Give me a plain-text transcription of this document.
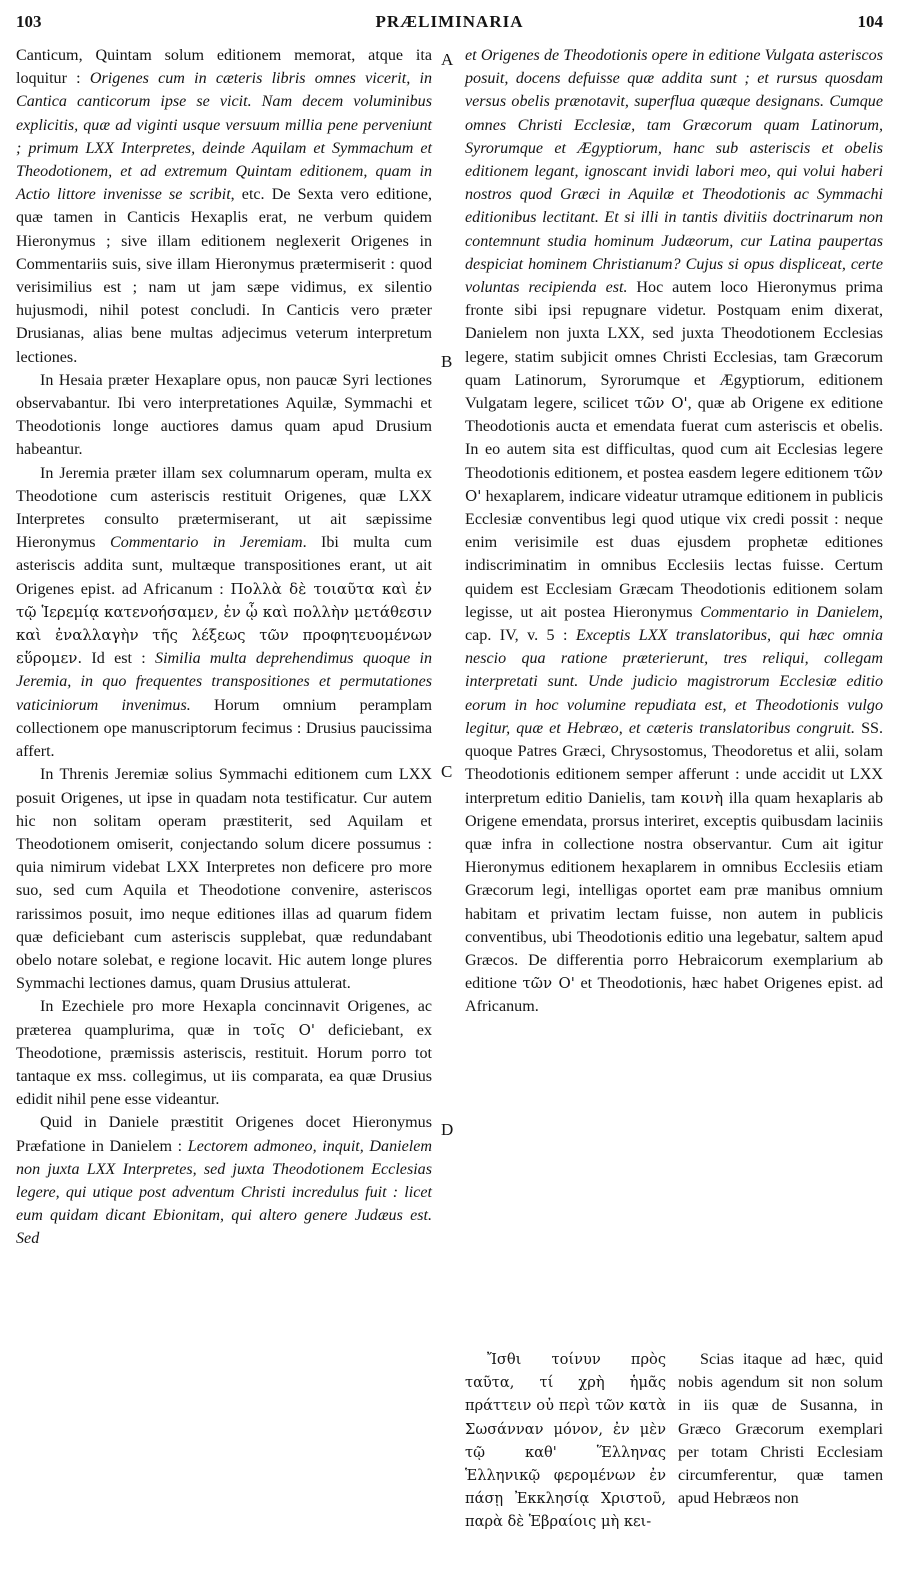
103	PRÆLIMINARIA	104
A
B
C
D

Canticum, Quintam solum editionem memorat, atque ita loquitur : Origenes cum in cæteris libris omnes vicerit, in Cantica canticorum ipse se vicit. Nam decem voluminibus explicitis, quæ ad viginti usque versuum millia pene perveniunt ; primum LXX Interpretes, deinde Aquilam et Symmachum et Theodotionem, et ad extremum Quintam editionem, quam in Actio littore invenisse se scribit, etc. De Sexta vero editione, quæ tamen in Canticis Hexaplis erat, ne verbum quidem Hieronymus ; sive illam editionem neglexerit Origenes in Commentariis suis, sive illam Hieronymus prætermiserit : quod verisimilius est ; nam ut jam sæpe vidimus, ex silentio hujusmodi, nihil potest concludi. In Canticis vero præter Drusianas, alias bene multas adjecimus veterum interpretum lectiones.

In Hesaia præter Hexaplare opus, non paucæ Syri lectiones observabantur. Ibi vero interpretationes Aquilæ, Symmachi et Theodotionis longe auctiores damus quam apud Drusium habeantur.

In Jeremia præter illam sex columnarum operam, multa ex Theodotione cum asteriscis restituit Origenes, quæ LXX Interpretes consulto prætermiserant, ut ait sæpissime Hieronymus Commentario in Jeremiam. Ibi multa cum asteriscis addita sunt, multæque transpositiones erant, ut ait Origenes epist. ad Africanum : Πολλὰ δὲ τοιαῦτα καὶ ἐν τῷ Ἱερεμίᾳ κατενοήσαμεν, ἐν ᾧ καὶ πολλὴν μετάθεσιν καὶ ἐναλλαγὴν τῆς λέξεως τῶν προφητευομένων εὕρομεν. Id est : Similia multa deprehendimus quoque in Jeremia, in quo frequentes transpositiones et permutationes vaticiniorum invenimus. Horum omnium peramplam collectionem ope manuscriptorum fecimus : Drusius paucissima affert.

In Threnis Jeremiæ solius Symmachi editionem cum LXX posuit Origenes, ut ipse in quadam nota testificatur. Cur autem hic non solitam operam præstiterit, sed Aquilam et Theodotionem omiserit, conjectando solum dicere possumus : quia nimirum videbat LXX Interpretes non deficere pro more suo, sed cum Aquila et Theodotione convenire, asteriscos rarissimos posuit, imo neque editiones illas ad quarum fidem quæ deficiebant cum asteriscis supplebat, quæ redundabant obelo notare solebat, e regione locavit. Hic autem longe plures Symmachi lectiones damus, quam Drusius attulerat.

In Ezechiele pro more Hexapla concinnavit Origenes, ac præterea quamplurima, quæ in τοῖς Ο' deficiebant, ex Theodotione, præmissis asteriscis, restituit. Horum porro tot tantaque ex mss. collegimus, ut iis comparata, ea quæ Drusius edidit nihil pene esse videantur.

Quid in Daniele præstitit Origenes docet Hieronymus Præfatione in Danielem : Lectorem admoneo, inquit, Danielem non juxta LXX Interpretes, sed juxta Theodotionem Ecclesias legere, qui utique post adventum Christi incredulus fuit : licet eum quidam dicant Ebionitam, qui altero genere Judæus est. Sed

et Origenes de Theodotionis opere in editione Vulgata asteriscos posuit, docens defuisse quæ addita sunt ; et rursus quosdam versus obelis prænotavit, superflua quæque designans. Cumque omnes Christi Ecclesiæ, tam Græcorum quam Latinorum, Syrorumque et Ægyptiorum, hanc sub asteriscis et obelis editionem legant, ignoscant invidi labori meo, qui volui haberi nostros quod Græci in Aquilæ et Theodotionis ac Symmachi editionibus lectitant. Et si illi in tantis divitiis doctrinarum non contemnunt studia hominum Judæorum, cur Latina paupertas despiciat hominem Christianum? Cujus si opus displiceat, certe voluntas recipienda est. Hoc autem loco Hieronymus prima fronte sibi ipsi repugnare videtur. Postquam enim dixerat, Danielem non juxta LXX, sed juxta Theodotionem Ecclesias legere, statim subjicit omnes Christi Ecclesias, tam Græcorum quam Latinorum, Syrorumque et Ægyptiorum, editionem Vulgatam legere, scilicet τῶν Ο', quæ ab Origene ex editione Theodotionis aucta et emendata fuerat cum asteriscis et obelis. In eo autem sita est difficultas, quod cum ait Ecclesias legere Theodotionis editionem, et postea easdem legere editionem τῶν Ο' hexaplarem, indicare videatur utramque editionem in publicis Ecclesiæ conventibus legi quod utique vix credi possit : neque enim verisimile est duas ejusdem prophetæ editiones indiscriminatim in omnibus Ecclesiis lectas fuisse. Certum quidem est Ecclesiam Græcam Theodotionis editionem solam legisse, ut ait postea Hieronymus Commentario in Danielem, cap. IV, v. 5 : Exceptis LXX translatoribus, qui hæc omnia nescio qua ratione præterierunt, tres reliqui, collegam interpretati sunt. Unde judicio magistrorum Ecclesiæ editio eorum in hoc volumine repudiata est, et Theodotionis vulgo legitur, quæ et Hebræo, et cæteris translatoribus congruit. SS. quoque Patres Græci, Chrysostomus, Theodoretus et alii, solam Theodotionis editionem semper afferunt : unde accidit ut LXX interpretum editio Danielis, tam κοινὴ illa quam hexaplaris ab Origene emendata, prorsus interiret, exceptis quibusdam laciniis quæ infra in collectione nostra observantur. Cum ait igitur Hieronymus editionem hexaplarem in omnibus Ecclesiis etiam Græcorum legi, intelligas oportet eam præ manibus omnium habitam et privatim lectam fuisse, non autem in publicis conventibus, ubi Theodotionis editio una legebatur, saltem apud Græcos. De differentia porro Hebraicorum exemplarium ab editione τῶν Ο' et Theodotionis, hæc habet Origenes epist. ad Africanum.

Ἴσθι τοίνυν πρὸς ταῦτα, τί χρὴ ἡμᾶς πράττειν οὐ περὶ τῶν κατὰ Σωσάνναν μόνον, ἐν μὲν τῷ καθ' Ἕλληνας Ἑλληνικῷ φερομένων ἐν πάσῃ Ἐκκλησίᾳ Χριστοῦ, παρὰ δὲ Ἑβραίοις μὴ κει-

Scias itaque ad hæc, quid nobis agendum sit non solum in iis quæ de Susanna, in Græco Græcorum exemplari per totam Christi Ecclesiam circumferentur, quæ tamen apud Hebræos non
